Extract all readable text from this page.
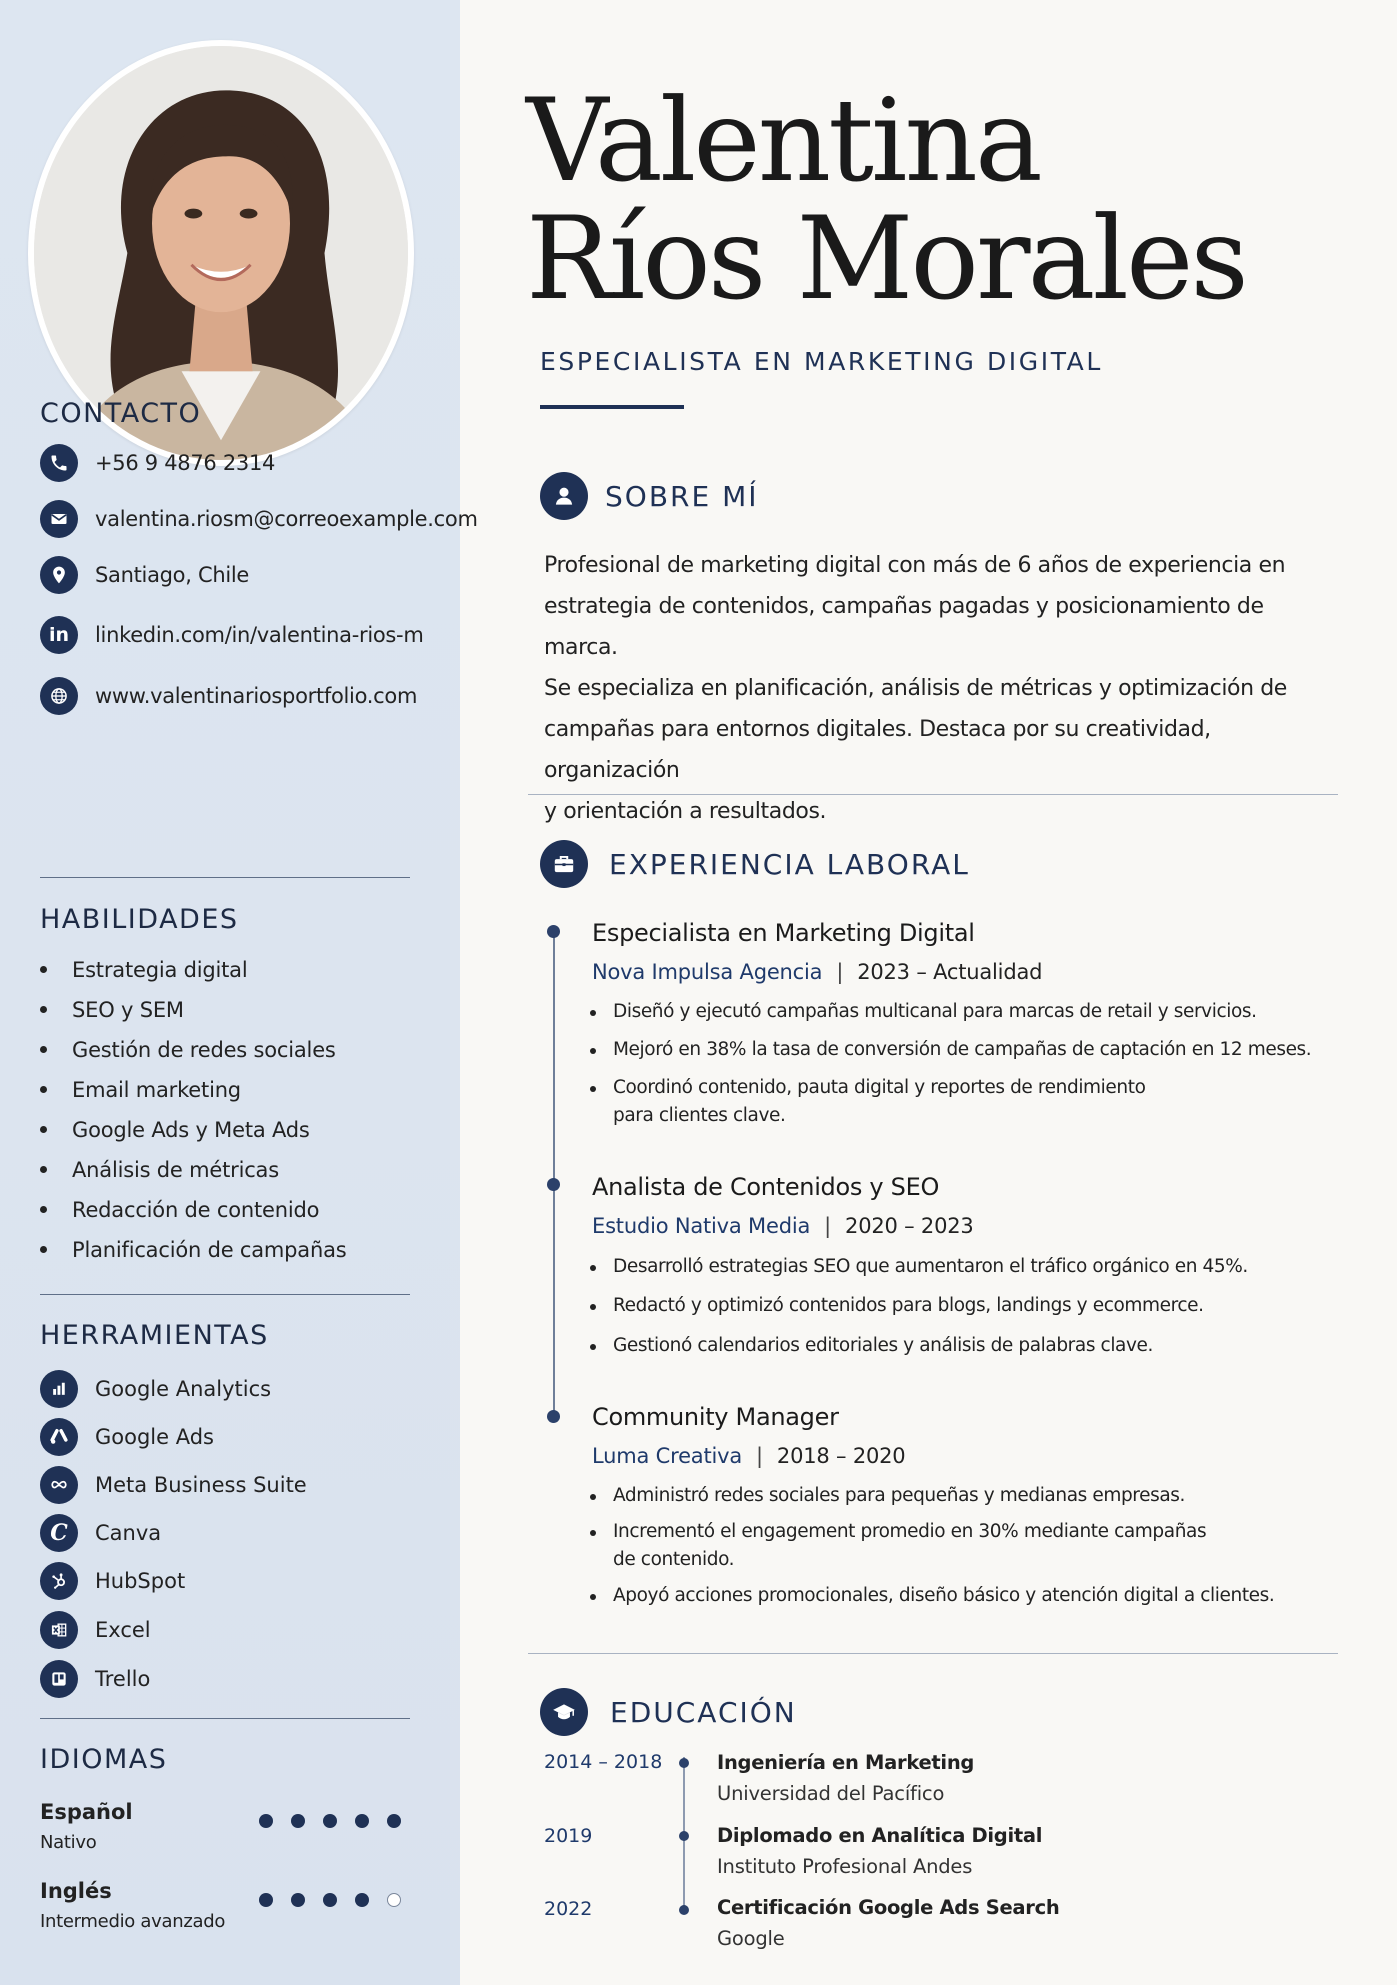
CONTACTO
+56 9 4876 2314
valentina.riosm@correoexample.com
Santiago, Chile
in	linkedin.com/in/valentina-rios-m
www.valentinariosportfolio.com
HABILIDADES
Estrategia digital
SEO y SEM
Gestión de redes sociales
Email marketing
Google Ads y Meta Ads
Análisis de métricas
Redacción de contenido
Planificación de campañas
HERRAMIENTAS
Google Analytics
Google Ads
Meta Business Suite
C	Canva
HubSpot
Excel
Trello
IDIOMAS
Español
Nativo
Inglés
Intermedio avanzado
Valentina
Ríos Morales
ESPECIALISTA EN MARKETING DIGITAL
SOBRE MÍ
Profesional de marketing digital con más de 6 años de experiencia en
estrategia de contenidos, campañas pagadas y posicionamiento de marca.
Se especializa en planificación, análisis de métricas y optimización de
campañas para entornos digitales. Destaca por su creatividad, organización
y orientación a resultados.
EXPERIENCIA LABORAL
Especialista en Marketing Digital
Nova Impulsa Agencia | 2023 – Actualidad
Diseñó y ejecutó campañas multicanal para marcas de retail y servicios.
Mejoró en 38% la tasa de conversión de campañas de captación en 12 meses.
Coordinó contenido, pauta digital y reportes de rendimiento
para clientes clave.
Analista de Contenidos y SEO
Estudio Nativa Media | 2020 – 2023
Desarrolló estrategias SEO que aumentaron el tráfico orgánico en 45%.
Redactó y optimizó contenidos para blogs, landings y ecommerce.
Gestionó calendarios editoriales y análisis de palabras clave.
Community Manager
Luma Creativa | 2018 – 2020
Administró redes sociales para pequeñas y medianas empresas.
Incrementó el engagement promedio en 30% mediante campañas
de contenido.
Apoyó acciones promocionales, diseño básico y atención digital a clientes.
EDUCACIÓN
2014 – 2018	Ingeniería en Marketing
Universidad del Pacífico
2019	Diplomado en Analítica Digital
Instituto Profesional Andes
2022	Certificación Google Ads Search
Google
